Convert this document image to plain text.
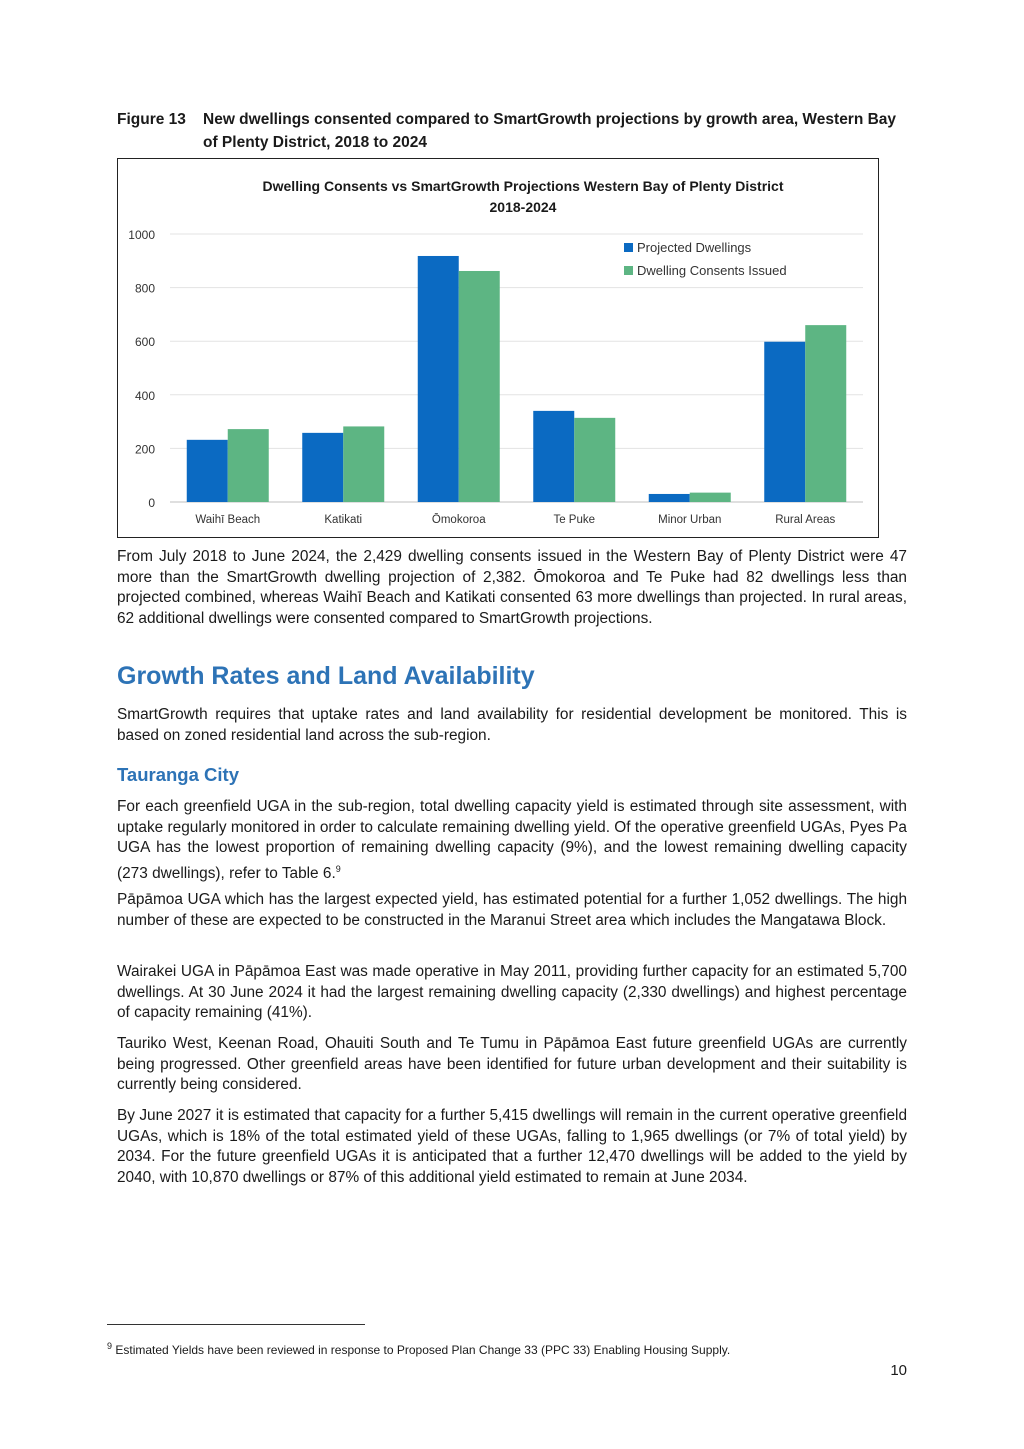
Figure 13 New dwellings consented compared to SmartGrowth projections by growth area, Western Bay of Plenty District, 2018 to 2024
Dwelling Consents vs SmartGrowth Projections Western Bay of Plenty District
2018-2024
0
200
400
600
800
1000
Waihī Beach	Katikati	Ōmokoroa	Te Puke	Minor Urban	Rural Areas
Projected Dwellings
Dwelling Consents Issued

From July 2018 to June 2024, the 2,429 dwelling consents issued in the Western Bay of Plenty District were 47 more than the SmartGrowth dwelling projection of 2,382. Ōmokoroa and Te Puke had 82 dwellings less than projected combined, whereas Waihī Beach and Katikati consented 63 more dwellings than projected. In rural areas, 62 additional dwellings were consented compared to SmartGrowth projections.

Growth Rates and Land Availability

SmartGrowth requires that uptake rates and land availability for residential development be monitored. This is based on zoned residential land across the sub-region.

Tauranga City

For each greenfield UGA in the sub-region, total dwelling capacity yield is estimated through site assessment, with uptake regularly monitored in order to calculate remaining dwelling yield. Of the operative greenfield UGAs, Pyes Pa UGA has the lowest proportion of remaining dwelling capacity (9%), and the lowest remaining dwelling capacity (273 dwellings), refer to Table 6.$^9$

Pāpāmoa UGA which has the largest expected yield, has estimated potential for a further 1,052 dwellings. The high number of these are expected to be constructed in the Maranui Street area which includes the Mangatawa Block.

Wairakei UGA in Pāpāmoa East was made operative in May 2011, providing further capacity for an estimated 5,700 dwellings. At 30 June 2024 it had the largest remaining dwelling capacity (2,330 dwellings) and highest percentage of capacity remaining (41%).

Tauriko West, Keenan Road, Ohauiti South and Te Tumu in Pāpāmoa East future greenfield UGAs are currently being progressed. Other greenfield areas have been identified for future urban development and their suitability is currently being considered.

By June 2027 it is estimated that capacity for a further 5,415 dwellings will remain in the current operative greenfield UGAs, which is 18% of the total estimated yield of these UGAs, falling to 1,965 dwellings (or 7% of total yield) by 2034. For the future greenfield UGAs it is anticipated that a further 12,470 dwellings will be added to the yield by 2040, with 10,870 dwellings or 87% of this additional yield estimated to remain at June 2034.

$^9$ Estimated Yields have been reviewed in response to Proposed Plan Change 33 (PPC 33) Enabling Housing Supply.
10
